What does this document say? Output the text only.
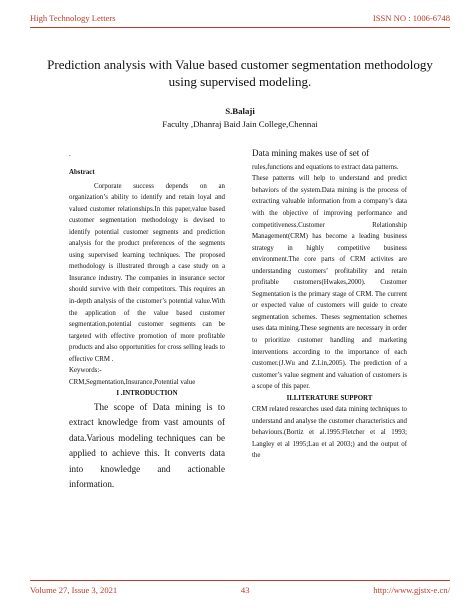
High Technology Letters	ISSN NO : 1006-6748
Prediction analysis with Value based customer segmentation methodology using supervised modeling.
S.Balaji
Faculty ,Dhanraj Baid Jain College,Chennai
.
Abstract

Corporate success depends on an organization’s ability to identify and retain loyal and valued customer relationships.In this paper,value based customer segmentation methodology is devised to identify potential customer segments and prediction analysis for the product preferences of the segments using supervised learning techniques. The proposed methodology is illustrated through a case study on a Insurance industry. The companies in insurance sector should survive with their competitors. This requires an in-depth analysis of the customer’s potential value.With the application of the value based customer segmentation,potential customer segments can be targeted with effective promotion of more profitable products and also opportunities for cross selling leads to effective CRM .

Keywords:-
CRM,Segmentation,Insurance,Potential value
I .INTRODUCTION

The scope of Data mining is to extract knowledge from vast amounts of data.Various modeling techniques can be applied to achieve this. It converts data into knowledge and actionable information.

Data mining makes use of set of

rules,functions and equations to extract data patterns.

These patterns will help to understand and predict behaviors of the system.Data mining is the process of extracting valuable information from a company’s data with the objective of improving performance and competitiveness.Customer Relationship Management(CRM) has become a leading business strategy in highly competitive business environment.The core parts of CRM activites are understanding customers’ profitability and retain profitable customers(Hwakes,2000). Customer Segmentation is the primary stage of CRM. The current or expected value of customers will guide to create segmentation schemes. Theses segmentation schemes uses data mining.These segments are necessary in order to prioritize customer handling and marketing interventions according to the importance of each customer.(J.Wu and Z.Lin,2005). The prediction of a customer’s value segment and valuation of customers is a scope of this paper.

II.LITERATURE SUPPORT

CRM related researches used data mining techniques to understand and analyse the customer characteristics and behaviours.(Bortiz et al.1995:Fletcher et al 1993; Langley et al 1995;Lau et al 2003;) and the output of the

Volume 27, Issue 3, 2021	43	http://www.gjstx-e.cn/
